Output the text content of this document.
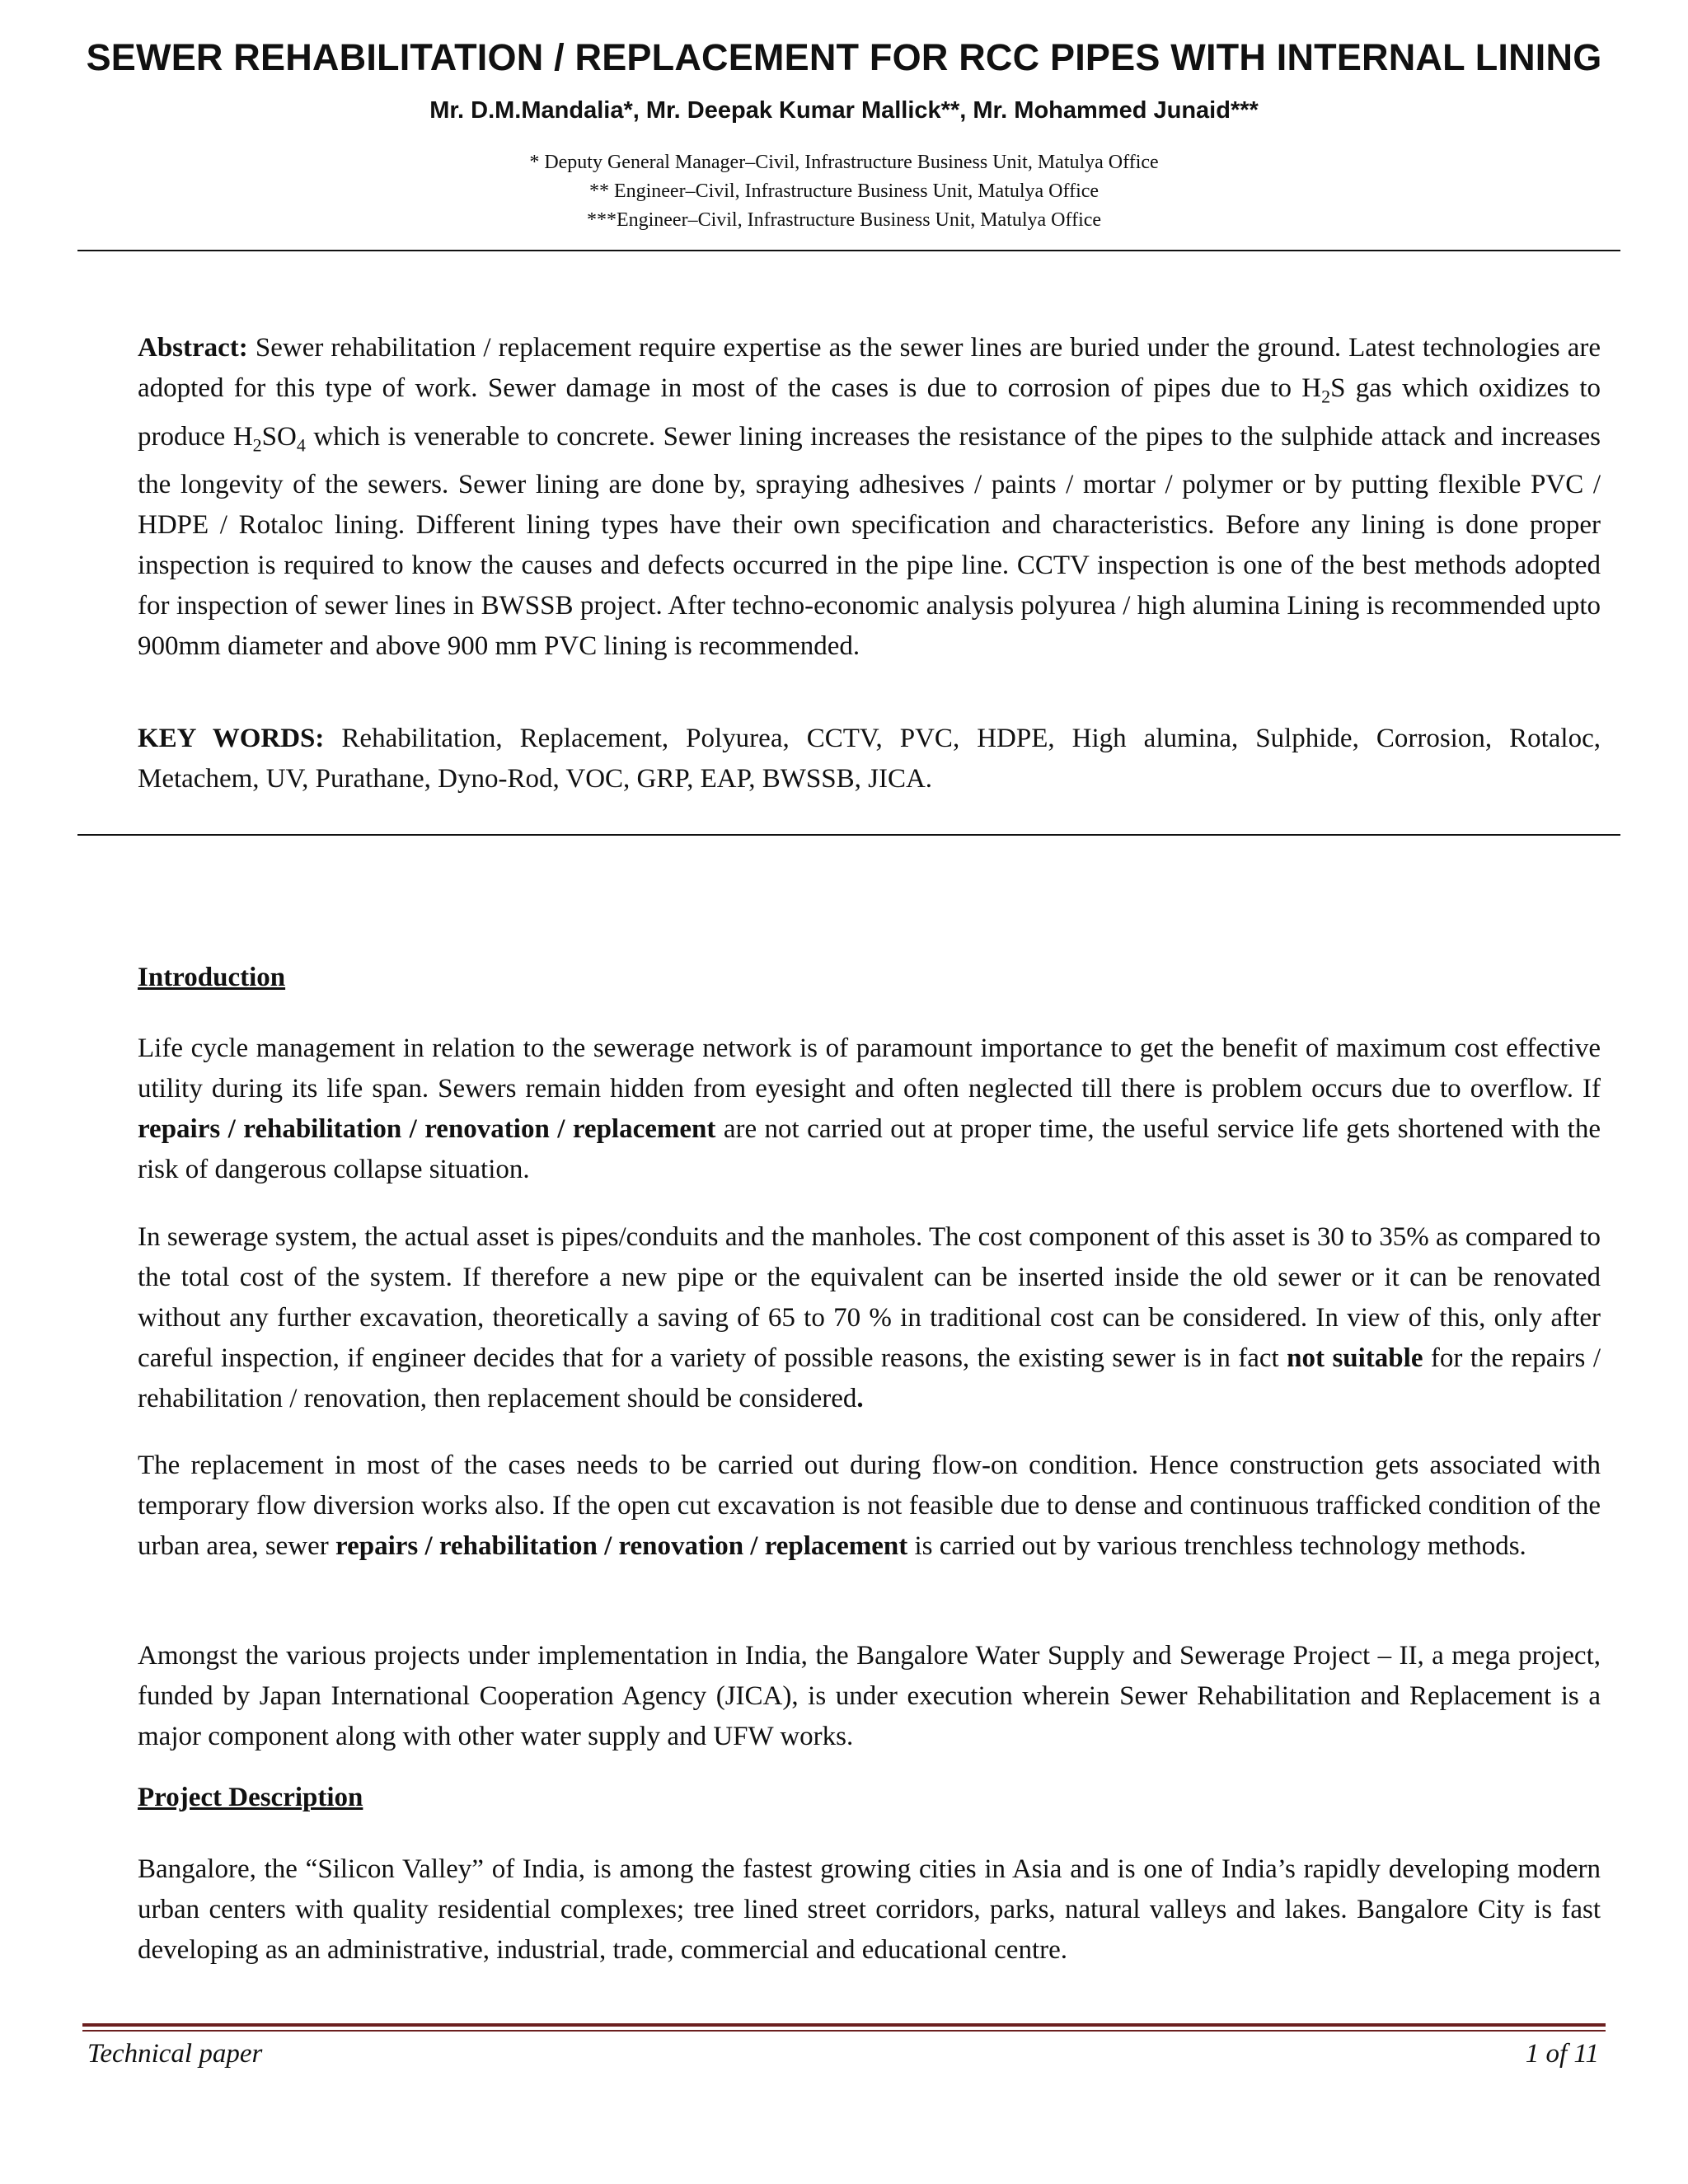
SEWER REHABILITATION / REPLACEMENT FOR RCC PIPES WITH INTERNAL LINING
Mr. D.M.Mandalia*, Mr. Deepak Kumar Mallick**, Mr. Mohammed Junaid***
* Deputy General Manager–Civil, Infrastructure Business Unit, Matulya Office
** Engineer–Civil, Infrastructure Business Unit, Matulya Office
***Engineer–Civil, Infrastructure Business Unit, Matulya Office

Abstract: Sewer rehabilitation / replacement require expertise as the sewer lines are buried under the ground. Latest technologies are adopted for this type of work. Sewer damage in most of the cases is due to corrosion of pipes due to $H_2S$ gas which oxidizes to produce $H_2SO_4$ which is venerable to concrete. Sewer lining increases the resistance of the pipes to the sulphide attack and increases the longevity of the sewers. Sewer lining are done by, spraying adhesives / paints / mortar / polymer or by putting flexible PVC / HDPE / Rotaloc lining. Different lining types have their own specification and characteristics. Before any lining is done proper inspection is required to know the causes and defects occurred in the pipe line. CCTV inspection is one of the best methods adopted for inspection of sewer lines in BWSSB project. After techno-economic analysis polyurea / high alumina Lining is recommended upto 900mm diameter and above 900 mm PVC lining is recommended.

KEY WORDS: Rehabilitation, Replacement, Polyurea, CCTV, PVC, HDPE, High alumina, Sulphide, Corrosion, Rotaloc, Metachem, UV, Purathane, Dyno-Rod, VOC, GRP, EAP, BWSSB, JICA.

Introduction

Life cycle management in relation to the sewerage network is of paramount importance to get the benefit of maximum cost effective utility during its life span. Sewers remain hidden from eyesight and often neglected till there is problem occurs due to overflow. If repairs / rehabilitation / renovation / replacement are not carried out at proper time, the useful service life gets shortened with the risk of dangerous collapse situation.

In sewerage system, the actual asset is pipes/conduits and the manholes. The cost component of this asset is 30 to 35% as compared to the total cost of the system. If therefore a new pipe or the equivalent can be inserted inside the old sewer or it can be renovated without any further excavation, theoretically a saving of 65 to 70 % in traditional cost can be considered. In view of this, only after careful inspection, if engineer decides that for a variety of possible reasons, the existing sewer is in fact not suitable for the repairs / rehabilitation / renovation, then replacement should be considered.

The replacement in most of the cases needs to be carried out during flow-on condition. Hence construction gets associated with temporary flow diversion works also. If the open cut excavation is not feasible due to dense and continuous trafficked condition of the urban area, sewer repairs / rehabilitation / renovation / replacement is carried out by various trenchless technology methods.

Amongst the various projects under implementation in India, the Bangalore Water Supply and Sewerage Project – II, a mega project, funded by Japan International Cooperation Agency (JICA), is under execution wherein Sewer Rehabilitation and Replacement is a major component along with other water supply and UFW works.

Project Description

Bangalore, the “Silicon Valley” of India, is among the fastest growing cities in Asia and is one of India’s rapidly developing modern urban centers with quality residential complexes; tree lined street corridors, parks, natural valleys and lakes. Bangalore City is fast developing as an administrative, industrial, trade, commercial and educational centre.

Technical paper	1 of 11
